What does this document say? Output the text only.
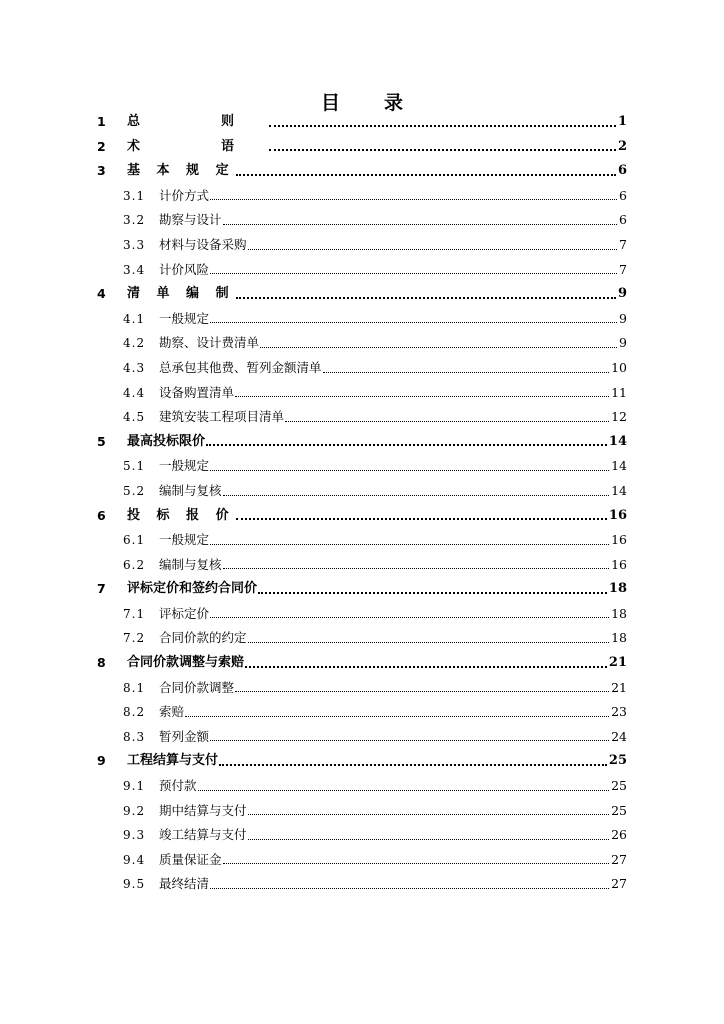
目 录
1	总　则	1
2	术　语	2
3	基 本 规 定	6
3.1	计价方式	6
3.2	勘察与设计	6
3.3	材料与设备采购	7
3.4	计价风险	7
4	清 单 编 制	9
4.1	一般规定	9
4.2	勘察、设计费清单	9
4.3	总承包其他费、暂列金额清单	10
4.4	设备购置清单	11
4.5	建筑安装工程项目清单	12
5	最高投标限价	14
5.1	一般规定	14
5.2	编制与复核	14
6	投 标 报 价	16
6.1	一般规定	16
6.2	编制与复核	16
7	评标定价和签约合同价	18
7.1	评标定价	18
7.2	合同价款的约定	18
8	合同价款调整与索赔	21
8.1	合同价款调整	21
8.2	索赔	23
8.3	暂列金额	24
9	工程结算与支付	25
9.1	预付款	25
9.2	期中结算与支付	25
9.3	竣工结算与支付	26
9.4	质量保证金	27
9.5	最终结清	27
